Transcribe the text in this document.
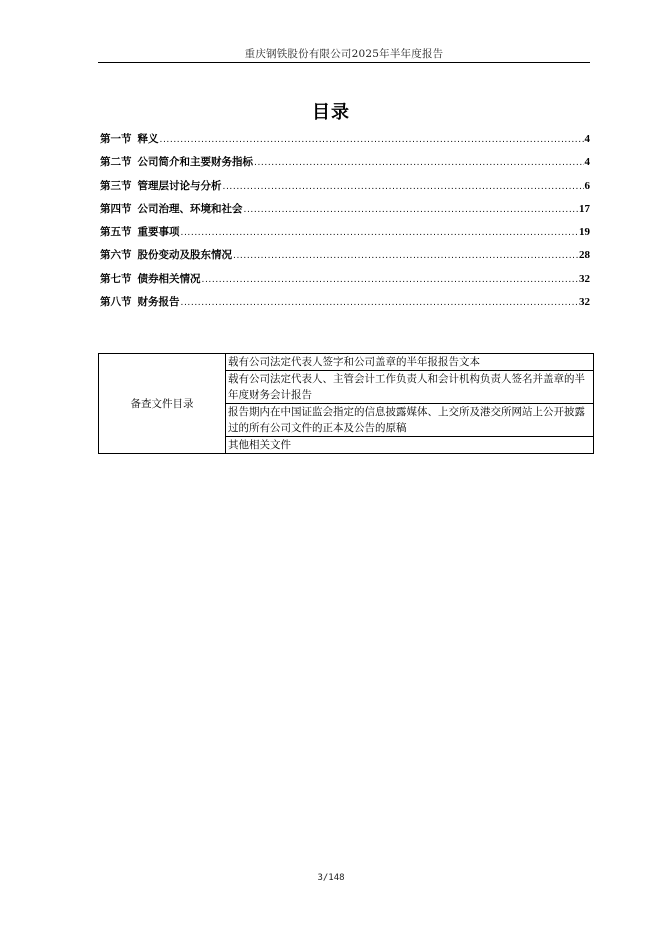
重庆钢铁股份有限公司2025年半年度报告
目录
第一节 释义 .....	4
第二节 公司简介和主要财务指标 .....	4
第三节 管理层讨论与分析 .....	6
第四节 公司治理、环境和社会 .....	17
第五节 重要事项 .....	19
第六节 股份变动及股东情况 .....	28
第七节 债券相关情况 .....	32
第八节 财务报告 .....	32
备查文件目录	载有公司法定代表人签字和公司盖章的半年报报告文本
载有公司法定代表人、主管会计工作负责人和会计机构负责人签名并盖章的半年度财务会计报告
报告期内在中国证监会指定的信息披露媒体、上交所及港交所网站上公开披露过的所有公司文件的正本及公告的原稿
其他相关文件
3/148
